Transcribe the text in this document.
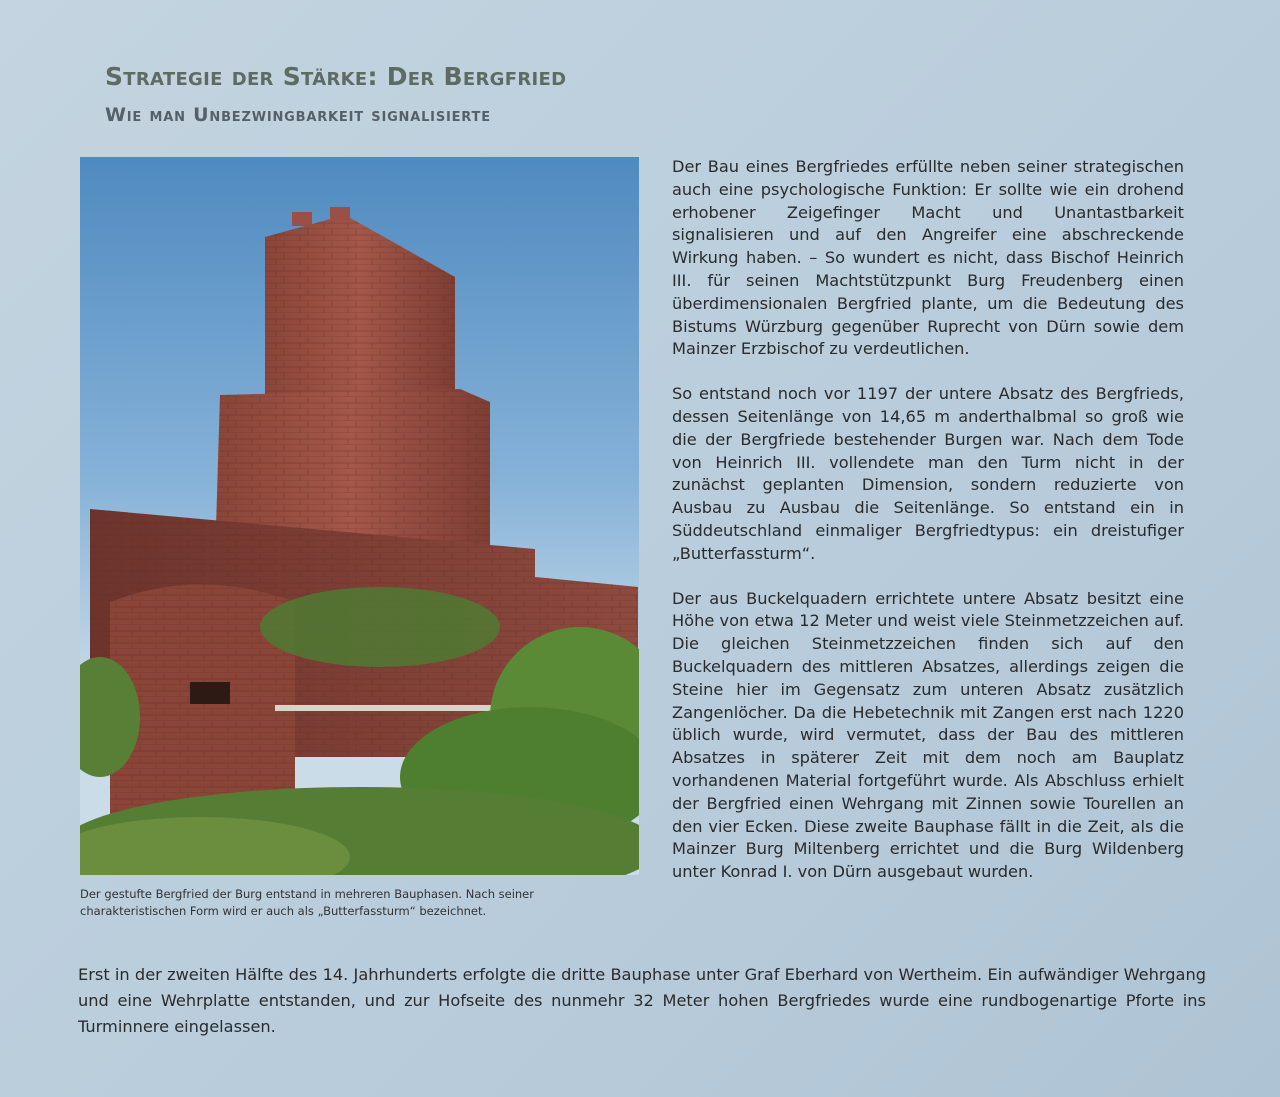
Strategie der Stärke: Der Bergfried
Wie man Unbezwingbarkeit signalisierte

Der gestufte Bergfried der Burg entstand in mehreren Bauphasen. Nach seiner charakteristischen Form wird er auch als „Butterfassturm“ bezeichnet.

Der Bau eines Bergfriedes erfüllte neben seiner strategischen auch eine psychologische Funktion: Er sollte wie ein drohend erhobener Zeigefinger Macht und Unantastbarkeit signalisieren und auf den Angreifer eine abschreckende Wirkung haben. – So wundert es nicht, dass Bischof Heinrich III. für seinen Machtstützpunkt Burg Freudenberg einen überdimensionalen Bergfried plante, um die Bedeutung des Bistums Würzburg gegenüber Ruprecht von Dürn sowie dem Mainzer Erzbischof zu verdeutlichen.

So entstand noch vor 1197 der untere Absatz des Bergfrieds, dessen Seitenlänge von 14,65 m anderthalbmal so groß wie die der Bergfriede bestehender Burgen war. Nach dem Tode von Heinrich III. vollendete man den Turm nicht in der zunächst geplanten Dimension, sondern reduzierte von Ausbau zu Ausbau die Seitenlänge. So entstand ein in Süddeutschland einmaliger Bergfriedtypus: ein dreistufiger „Butterfassturm“.

Der aus Buckelquadern errichtete untere Absatz besitzt eine Höhe von etwa 12 Meter und weist viele Steinmetzzeichen auf. Die gleichen Steinmetzzeichen finden sich auf den Buckelquadern des mittleren Absatzes, allerdings zeigen die Steine hier im Gegensatz zum unteren Absatz zusätzlich Zangenlöcher. Da die Hebetechnik mit Zangen erst nach 1220 üblich wurde, wird vermutet, dass der Bau des mittleren Absatzes in späterer Zeit mit dem noch am Bauplatz vorhandenen Material fortgeführt wurde. Als Abschluss erhielt der Bergfried einen Wehrgang mit Zinnen sowie Tourellen an den vier Ecken. Diese zweite Bauphase fällt in die Zeit, als die Mainzer Burg Miltenberg errichtet und die Burg Wildenberg unter Konrad I. von Dürn ausgebaut wurden.

Erst in der zweiten Hälfte des 14. Jahrhunderts erfolgte die dritte Bauphase unter Graf Eberhard von Wertheim. Ein aufwändiger Wehrgang und eine Wehrplatte entstanden, und zur Hofseite des nunmehr 32 Meter hohen Bergfriedes wurde eine rundbogenartige Pforte ins Turminnere eingelassen.
